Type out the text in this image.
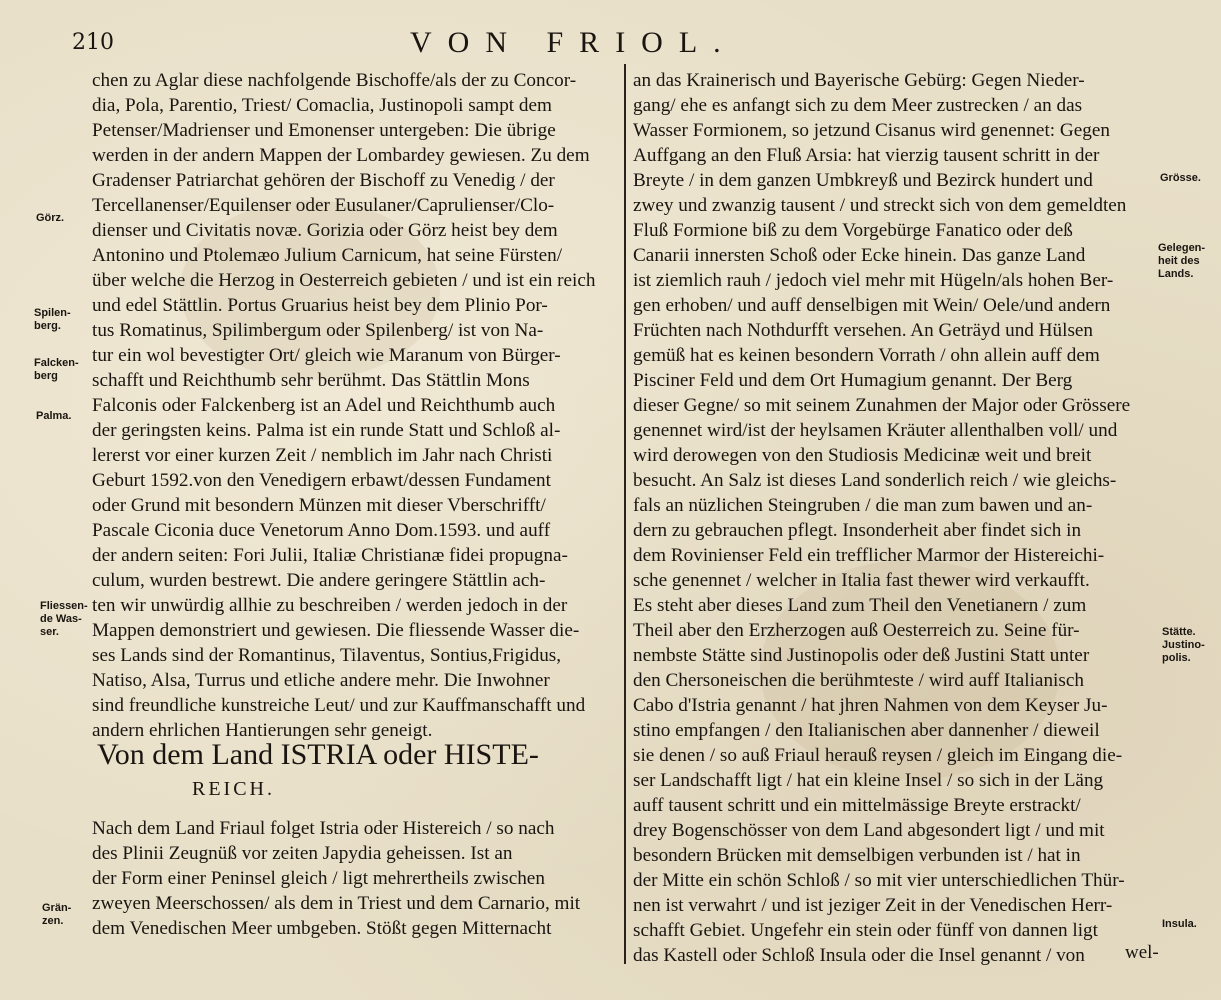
210	VON FRIOL.
chen zu Aglar diese nachfolgende Bischoffe/als der zu Concor-
dia, Pola, Parentio, Triest/ Comaclia, Justinopoli sampt dem
Petenser/Madrienser und Emonenser untergeben: Die übrige
werden in der andern Mappen der Lombardey gewiesen. Zu dem
Gradenser Patriarchat gehören der Bischoff zu Venedig / der
Tercellanenser/Equilenser oder Eusulaner/Caprulienser/Clo-
dienser und Civitatis novæ. Gorizia oder Görz heist bey dem
Antonino und Ptolemæo Julium Carnicum, hat seine Fürsten/
über welche die Herzog in Oesterreich gebieten / und ist ein reich
und edel Stättlin. Portus Gruarius heist bey dem Plinio Por-
tus Romatinus, Spilimbergum oder Spilenberg/ ist von Na-
tur ein wol bevestigter Ort/ gleich wie Maranum von Bürger-
schafft und Reichthumb sehr berühmt. Das Stättlin Mons
Falconis oder Falckenberg ist an Adel und Reichthumb auch
der geringsten keins. Palma ist ein runde Statt und Schloß al-
lererst vor einer kurzen Zeit / nemblich im Jahr nach Christi
Geburt 1592.von den Venedigern erbawt/dessen Fundament
oder Grund mit besondern Münzen mit dieser Vberschrifft/
Pascale Ciconia duce Venetorum Anno Dom.1593. und auff
der andern seiten: Fori Julii, Italiæ Christianæ fidei propugna-
culum, wurden bestrewt. Die andere geringere Stättlin ach-
ten wir unwürdig allhie zu beschreiben / werden jedoch in der
Mappen demonstriert und gewiesen. Die fliessende Wasser die-
ses Lands sind der Romantinus, Tilaventus, Sontius,Frigidus,
Natiso, Alsa, Turrus und etliche andere mehr. Die Inwohner
sind freundliche kunstreiche Leut/ und zur Kauffmanschafft und
andern ehrlichen Hantierungen sehr geneigt.
Von dem Land ISTRIA oder HISTE-
REICH.
Nach dem Land Friaul folget Istria oder Histereich / so nach
des Plinii Zeugnüß vor zeiten Japydia geheissen. Ist an
der Form einer Peninsel gleich / ligt mehrertheils zwischen
zweyen Meerschossen/ als dem in Triest und dem Carnario, mit
dem Venedischen Meer umbgeben. Stößt gegen Mitternacht
an das Krainerisch und Bayerische Gebürg: Gegen Nieder-
gang/ ehe es anfangt sich zu dem Meer zustrecken / an das
Wasser Formionem, so jetzund Cisanus wird genennet: Gegen
Auffgang an den Fluß Arsia: hat vierzig tausent schritt in der
Breyte / in dem ganzen Umbkreyß und Bezirck hundert und
zwey und zwanzig tausent / und streckt sich von dem gemeldten
Fluß Formione biß zu dem Vorgebürge Fanatico oder deß
Canarii innersten Schoß oder Ecke hinein. Das ganze Land
ist ziemlich rauh / jedoch viel mehr mit Hügeln/als hohen Ber-
gen erhoben/ und auff denselbigen mit Wein/ Oele/und andern
Früchten nach Nothdurfft versehen. An Geträyd und Hülsen
gemüß hat es keinen besondern Vorrath / ohn allein auff dem
Pisciner Feld und dem Ort Humagium genannt. Der Berg
dieser Gegne/ so mit seinem Zunahmen der Major oder Grössere
genennet wird/ist der heylsamen Kräuter allenthalben voll/ und
wird derowegen von den Studiosis Medicinæ weit und breit
besucht. An Salz ist dieses Land sonderlich reich / wie gleichs-
fals an nüzlichen Steingruben / die man zum bawen und an-
dern zu gebrauchen pflegt. Insonderheit aber findet sich in
dem Rovinienser Feld ein trefflicher Marmor der Histereichi-
sche genennet / welcher in Italia fast thewer wird verkaufft.
Es steht aber dieses Land zum Theil den Venetianern / zum
Theil aber den Erzherzogen auß Oesterreich zu. Seine für-
nembste Stätte sind Justinopolis oder deß Justini Statt unter
den Chersoneischen die berühmteste / wird auff Italianisch
Cabo d'Istria genannt / hat jhren Nahmen von dem Keyser Ju-
stino empfangen / den Italianischen aber dannenher / dieweil
sie denen / so auß Friaul herauß reysen / gleich im Eingang die-
ser Landschafft ligt / hat ein kleine Insel / so sich in der Läng
auff tausent schritt und ein mittelmässige Breyte erstrackt/
drey Bogenschösser von dem Land abgesondert ligt / und mit
besondern Brücken mit demselbigen verbunden ist / hat in
der Mitte ein schön Schloß / so mit vier unterschiedlichen Thür-
nen ist verwahrt / und ist jeziger Zeit in der Venedischen Herr-
schafft Gebiet. Ungefehr ein stein oder fünff von dannen ligt
das Kastell oder Schloß Insula oder die Insel genannt / von	wel-
Görz.
Spilen-
berg.
Falcken-
berg
Palma.
Fliessen-
de Was-
ser.
Grän-
zen.
Grösse.
Gelegen-
heit des
Lands.
Stätte.
Justino-
polis.
Insula.
